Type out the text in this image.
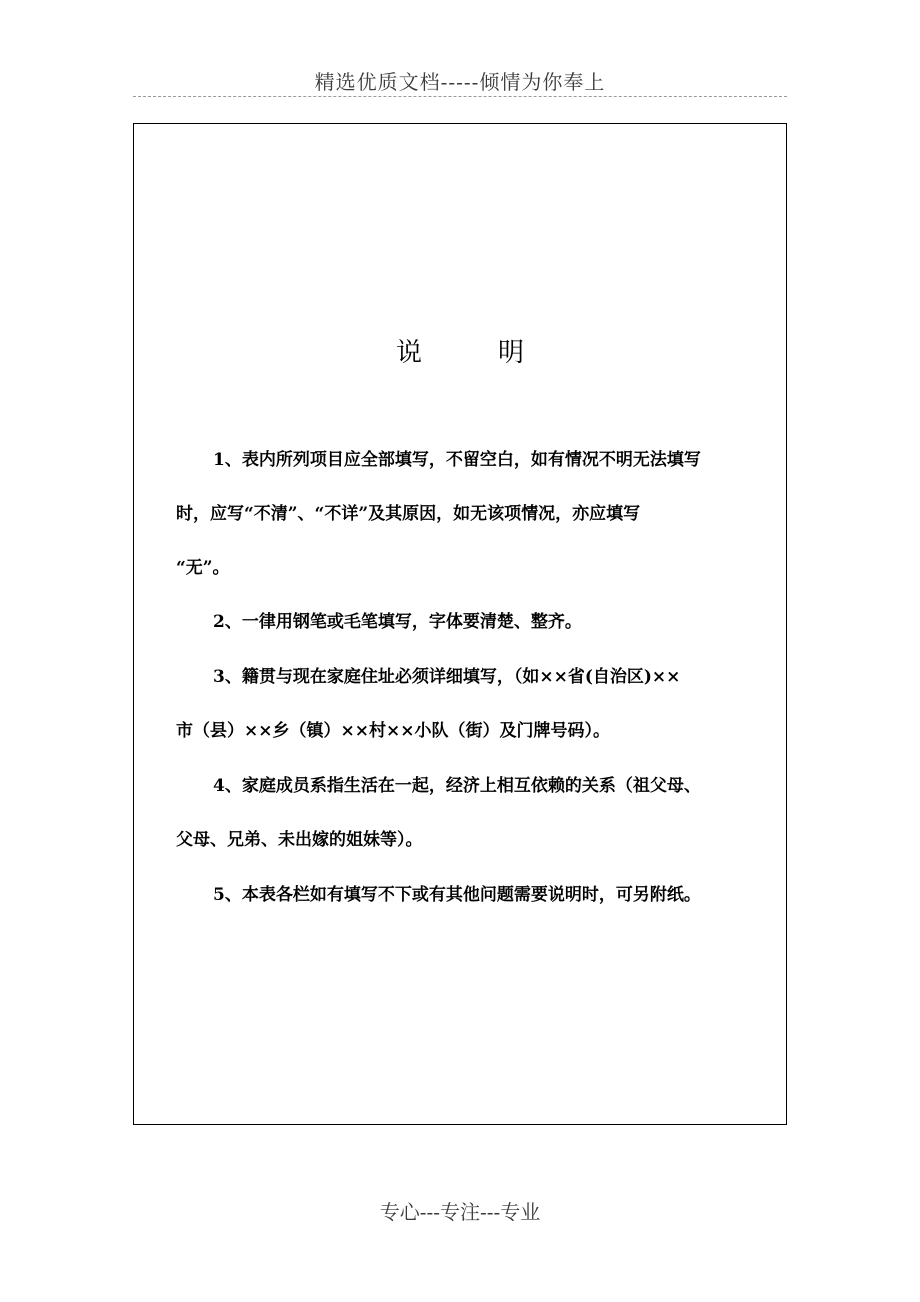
精选优质文档-----倾情为你奉上
说	明
1、表内所列项目应全部填写，不留空白，如有情况不明无法填写
时，应写“不清”、“不详”及其原因，如无该项情况，亦应填写
“无”。
2、一律用钢笔或毛笔填写，字体要清楚、整齐。
3、籍贯与现在家庭住址必须详细填写，（如××省(自治区)××
市（县）××乡（镇）××村××小队（街）及门牌号码）。
4、家庭成员系指生活在一起，经济上相互依赖的关系（祖父母、
父母、兄弟、未出嫁的姐妹等）。
5、本表各栏如有填写不下或有其他问题需要说明时，可另附纸。
专心---专注---专业
